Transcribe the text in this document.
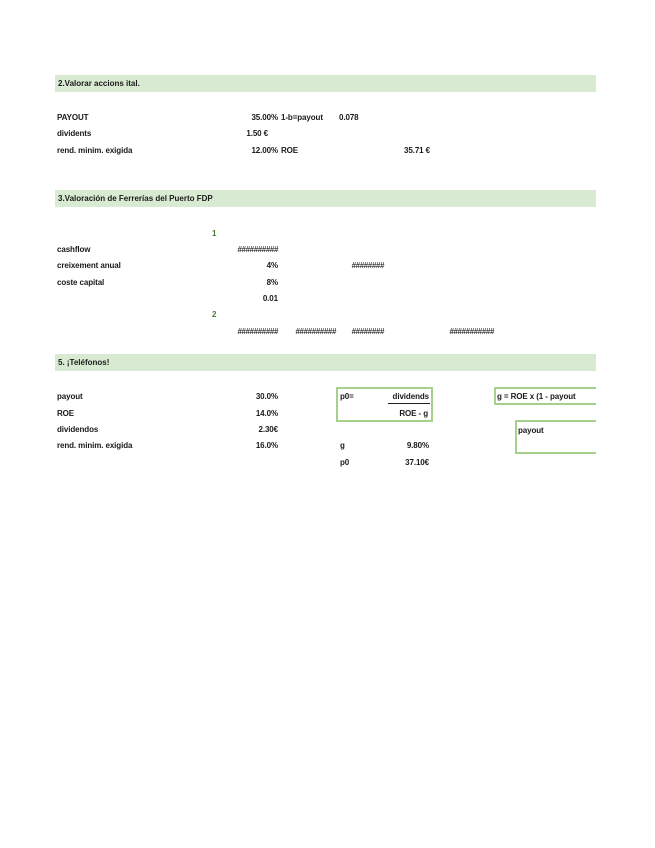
2.Valorar accions ital.
PAYOUT	35.00% 1-b=payout 0.078
dividents	1.50 €
rend. minim. exigida	12.00% ROE	35.71 €
3.Valoración de Ferrerías del Puerto FDP
1
cashflow	##########
creixement anual	4%	########
coste capital	8%
0.01
2
##########	##########	########	###########
5. ¡Teléfonos!
payout	30.0%
ROE	14.0%
dividendos	2.30€
rend. minim. exigida	16.0%
p0=	dividends
ROE - g
g	9.80%
p0	37.10€
g = ROE x (1 - payout
payout
